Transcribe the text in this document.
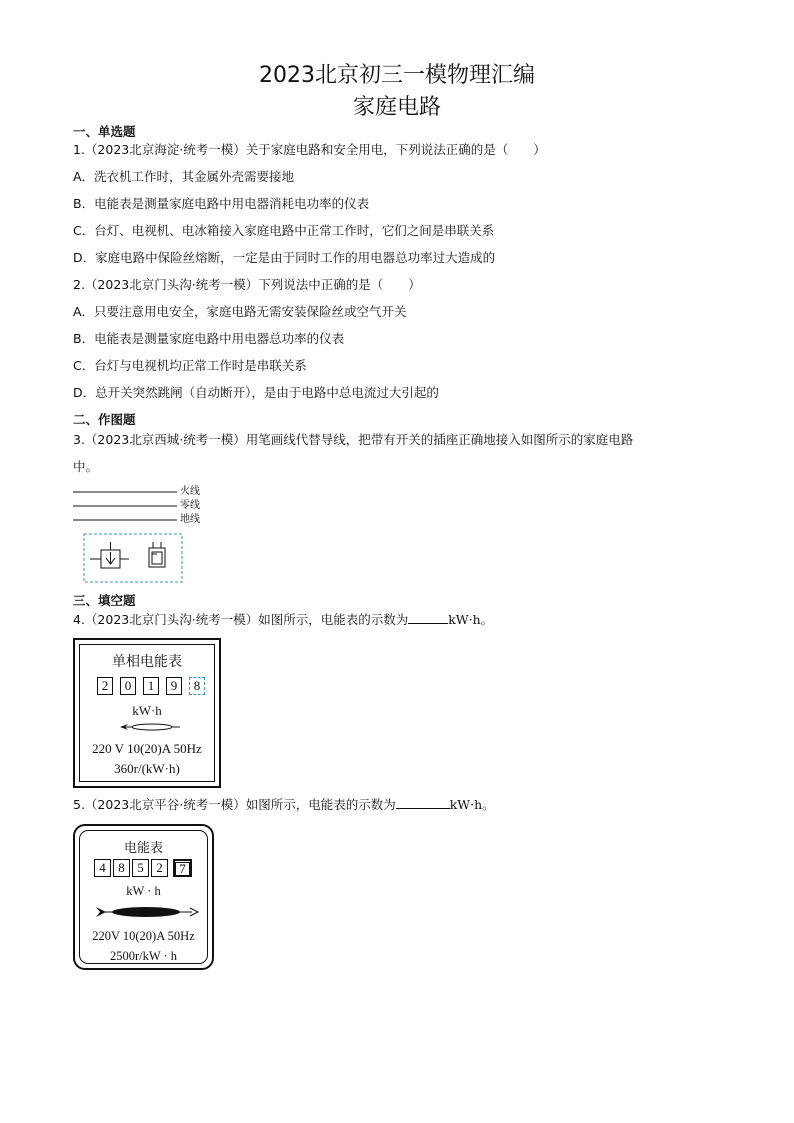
2023北京初三一模物理汇编
家庭电路
一、单选题
1.（2023北京海淀·统考一模）关于家庭电路和安全用电，下列说法正确的是（　　）
A．洗衣机工作时，其金属外壳需要接地
B．电能表是测量家庭电路中用电器消耗电功率的仪表
C．台灯、电视机、电冰箱接入家庭电路中正常工作时，它们之间是串联关系
D．家庭电路中保险丝熔断，一定是由于同时工作的用电器总功率过大造成的
2.（2023北京门头沟·统考一模）下列说法中正确的是（　　）
A．只要注意用电安全，家庭电路无需安装保险丝或空气开关
B．电能表是测量家庭电路中用电器总功率的仪表
C．台灯与电视机均正常工作时是串联关系
D．总开关突然跳闸（自动断开），是由于电路中总电流过大引起的
二、作图题
3.（2023北京西城·统考一模）用笔画线代替导线，把带有开关的插座正确地接入如图所示的家庭电路
中。
火线
零线
地线
三、填空题
4.（2023北京门头沟·统考一模）如图所示，电能表的示数为	kW·h。
单相电能表
2	0	1	9	8
kW·h
220 V 10(20)A 50Hz
360r/(kW·h)
5.（2023北京平谷·统考一模）如图所示，电能表的示数为	kW·h。
电能表
4 8 5 2	7
kW · h
220V 10(20)A 50Hz
2500r/kW · h
